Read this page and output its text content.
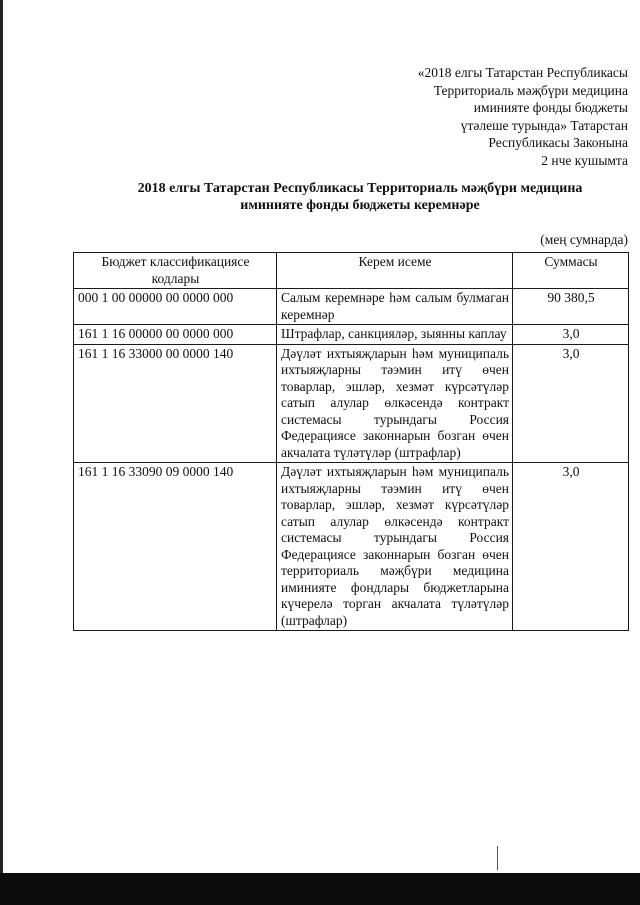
«2018 елгы Татарстан Республикасы
Территориаль мәҗбүри медицина
иминияте фонды бюджеты
үтәлеше турында» Татарстан
Республикасы Законына
2 нче кушымта
2018 елгы Татарстан Республикасы Территориаль мәҗбүри медицина
иминияте фонды бюджеты керемнәре
(мең сумнарда)
Бюджет классификациясе кодлары	Керем исеме	Суммасы
000 1 00 00000 00 0000 000	Салым керемнәре һәм салым булмаган керемнәр	90 380,5
161 1 16 00000 00 0000 000	Штрафлар, санкцияләр, зыянны каплау	3,0
161 1 16 33000 00 0000 140	Дәүләт ихтыяҗларын һәм муниципаль ихтыяҗларны тәэмин итү өчен товарлар, эшләр, хезмәт күрсәтүләр сатып алулар өлкәсендә контракт системасы турындагы Россия Федерациясе законнарын бозган өчен акчалата түләтүләр (штрафлар)	3,0
161 1 16 33090 09 0000 140	Дәүләт ихтыяҗларын һәм муниципаль ихтыяҗларны тәэмин итү өчен товарлар, эшләр, хезмәт күрсәтүләр сатып алулар өлкәсендә контракт системасы турындагы Россия Федерациясе законнарын бозган өчен территориаль мәҗбүри медицина иминияте фондлары бюджетларына күчерелә торган акчалата түләтүләр (штрафлар)	3,0
